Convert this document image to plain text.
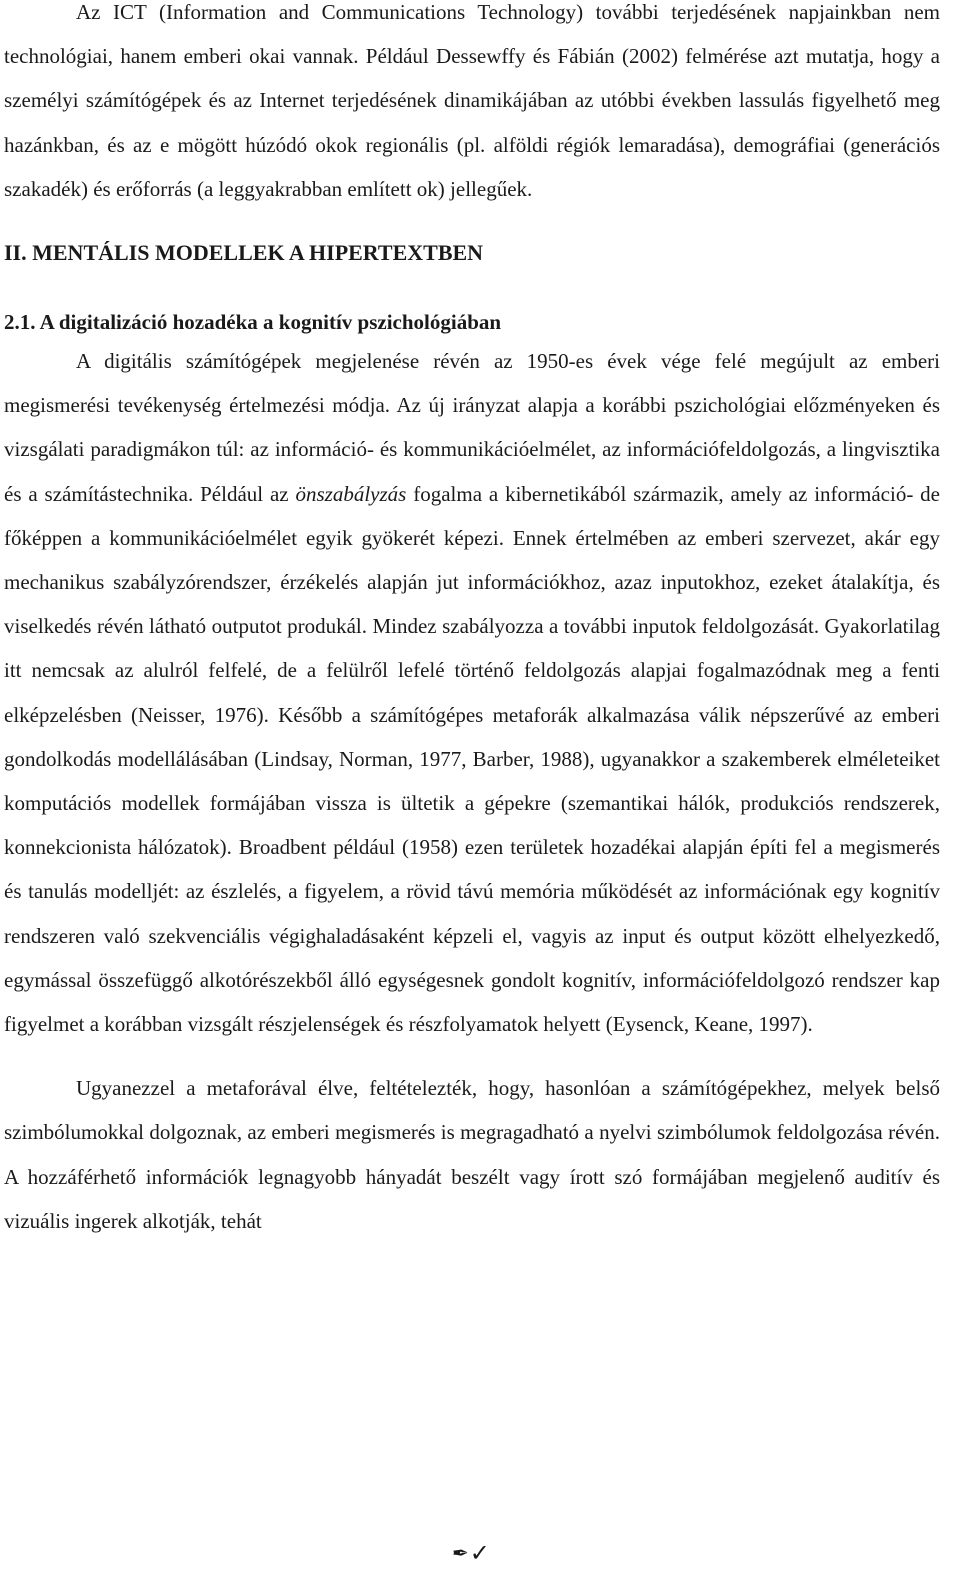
Az ICT (Information and Communications Technology) további terjedésének napjainkban nem technológiai, hanem emberi okai vannak. Például Dessewffy és Fábián (2002) felmérése azt mutatja, hogy a személyi számítógépek és az Internet terjedésének dinamikájában az utóbbi években lassulás figyelhető meg hazánkban, és az e mögött húzódó okok regionális (pl. alföldi régiók lemaradása), demográfiai (generációs szakadék) és erőforrás (a leggyakrabban említett ok) jellegűek.

II. MENTÁLIS MODELLEK A HIPERTEXTBEN
2.1. A digitalizáció hozadéka a kognitív pszichológiában

A digitális számítógépek megjelenése révén az 1950-es évek vége felé megújult az emberi megismerési tevékenység értelmezési módja. Az új irányzat alapja a korábbi pszichológiai előzményeken és vizsgálati paradigmákon túl: az információ- és kommunikációelmélet, az információfeldolgozás, a lingvisztika és a számítástechnika. Például az önszabályzás fogalma a kibernetikából származik, amely az információ- de főképpen a kommunikációelmélet egyik gyökerét képezi. Ennek értelmében az emberi szervezet, akár egy mechanikus szabályzórendszer, érzékelés alapján jut információkhoz, azaz inputokhoz, ezeket átalakítja, és viselkedés révén látható outputot produkál. Mindez szabályozza a további inputok feldolgozását. Gyakorlatilag itt nemcsak az alulról felfelé, de a felülről lefelé történő feldolgozás alapjai fogalmazódnak meg a fenti elképzelésben (Neisser, 1976). Később a számítógépes metaforák alkalmazása válik népszerűvé az emberi gondolkodás modellálásában (Lindsay, Norman, 1977, Barber, 1988), ugyanakkor a szakemberek elméleteiket komputációs modellek formájában vissza is ültetik a gépekre (szemantikai hálók, produkciós rendszerek, konnekcionista hálózatok). Broadbent például (1958) ezen területek hozadékai alapján építi fel a megismerés és tanulás modelljét: az észlelés, a figyelem, a rövid távú memória működését az információnak egy kognitív rendszeren való szekvenciális végighaladásaként képzeli el, vagyis az input és output között elhelyezkedő, egymással összefüggő alkotórészekből álló egységesnek gondolt kognitív, információfeldolgozó rendszer kap figyelmet a korábban vizsgált részjelenségek és részfolyamatok helyett (Eysenck, Keane, 1997).

Ugyanezzel a metaforával élve, feltételezték, hogy, hasonlóan a számítógépekhez, melyek belső szimbólumokkal dolgoznak, az emberi megismerés is megragadható a nyelvi szimbólumok feldolgozása révén. A hozzáférhető információk legnagyobb hányadát beszélt vagy írott szó formájában megjelenő auditív és vizuális ingerek alkotják, tehát

✒✓
